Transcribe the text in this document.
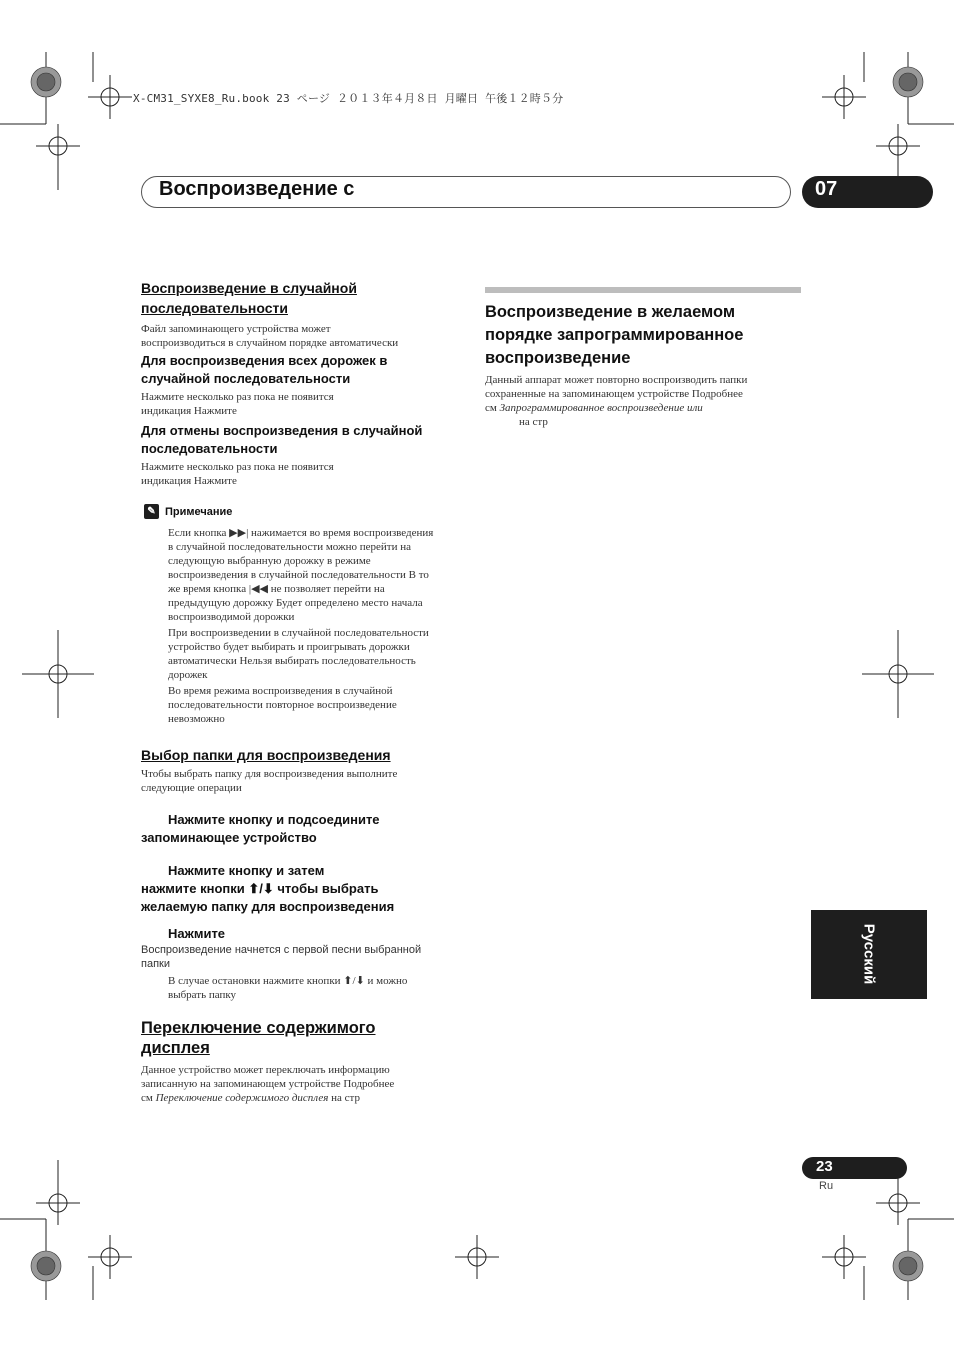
X-CM31_SYXE8_Ru.book 23 ページ ２０１３年４月８日 月曜日 午後１２時５分
Воспроизведение с	07

Воспроизведение в случайной
последовательности

Файл запоминающего устройства может
воспроизводиться в случайном порядке автоматически

Для воспроизведения всех дорожек в
случайной последовательности

Нажмите несколько раз пока не появится
индикация Нажмите

Для отмены воспроизведения в случайной
последовательности

Нажмите несколько раз пока не появится
индикация Нажмите

✎ Примечание

Если кнопка ▶▶| нажимается во время воспроизведения
в случайной последовательности можно перейти на
следующую выбранную дорожку в режиме
воспроизведения в случайной последовательности В то
же время кнопка |◀◀ не позволяет перейти на
предыдущую дорожку Будет определено место начала
воспроизводимой дорожки

При воспроизведении в случайной последовательности
устройство будет выбирать и проигрывать дорожки
автоматически Нельзя выбирать последовательность
дорожек

Во время режима воспроизведения в случайной
последовательности повторное воспроизведение
невозможно

Выбор папки для воспроизведения

Чтобы выбрать папку для воспроизведения выполните
следующие операции

Нажмите кнопку и подсоедините
запоминающее устройство

Нажмите кнопку и затем
нажмите кнопки ⬆/⬇ чтобы выбрать
желаемую папку для воспроизведения

Нажмите

Воспроизведение начнется с первой песни выбранной
папки

В случае остановки нажмите кнопки ⬆/⬇ и можно
выбрать папку

Переключение содержимого
дисплея

Данное устройство может переключать информацию
записанную на запоминающем устройстве Подробнее
см Переключение содержимого дисплея на стр

Воспроизведение в желаемом
порядке запрограммированное
воспроизведение

Данный аппарат может повторно воспроизводить папки
сохраненные на запоминающем устройстве Подробнее
см Запрограммированное воспроизведение или
на стр

Русский
23
Ru
